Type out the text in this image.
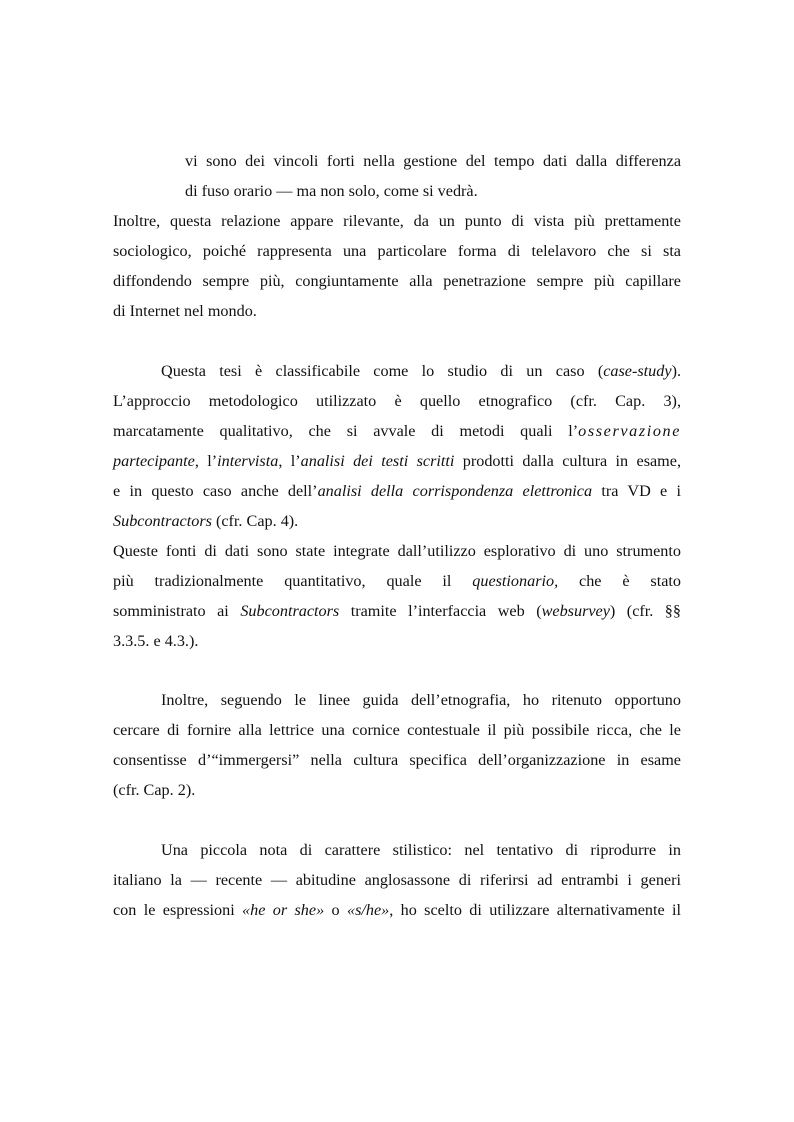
vi sono dei vincoli forti nella gestione del tempo dati dalla differenza
di fuso orario — ma non solo, come si vedrà.
Inoltre, questa relazione appare rilevante, da un punto di vista più prettamente
sociologico, poiché rappresenta una particolare forma di telelavoro che si sta
diffondendo sempre più, congiuntamente alla penetrazione sempre più capillare
di Internet nel mondo.
Questa tesi è classificabile come lo studio di un caso (case-study).
L’approccio metodologico utilizzato è quello etnografico (cfr. Cap. 3),
marcatamente qualitativo, che si avvale di metodi quali l’osservazione
partecipante, l’intervista, l’analisi dei testi scritti prodotti dalla cultura in esame,
e in questo caso anche dell’analisi della corrispondenza elettronica tra VD e i
Subcontractors (cfr. Cap. 4).
Queste fonti di dati sono state integrate dall’utilizzo esplorativo di uno strumento
più tradizionalmente quantitativo, quale il questionario, che è stato
somministrato ai Subcontractors tramite l’interfaccia web (websurvey) (cfr. §§
3.3.5. e 4.3.).
Inoltre, seguendo le linee guida dell’etnografia, ho ritenuto opportuno
cercare di fornire alla lettrice una cornice contestuale il più possibile ricca, che le
consentisse d’“immergersi” nella cultura specifica dell’organizzazione in esame
(cfr. Cap. 2).
Una piccola nota di carattere stilistico: nel tentativo di riprodurre in
italiano la — recente — abitudine anglosassone di riferirsi ad entrambi i generi
con le espressioni «he or she» o «s/he», ho scelto di utilizzare alternativamente il
